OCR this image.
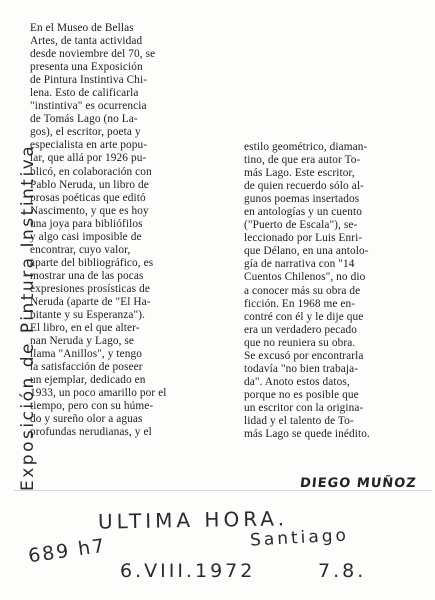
En el Museo de Bellas
Artes, de tanta actividad
desde noviembre del 70, se
presenta una Exposición
de Pintura Instintiva Chi-
lena. Esto de calificarla
"instintiva" es ocurrencia
de Tomás Lago (no La-
gos), el escritor, poeta y
especialista en arte popu-
lar, que allá por 1926 pu-
blicó, en colaboración con
Pablo Neruda, un libro de
prosas poéticas que editó
Nascimento, y que es hoy
una joya para bibliófilos
y algo casi imposible de
encontrar, cuyo valor,
aparte del bibliográfico, es
mostrar una de las pocas
expresiones prosísticas de
Neruda (aparte de "El Ha-
bitante y su Esperanza").
El libro, en el que alter-
nan Neruda y Lago, se
llama "Anillos", y tengo
la satisfacción de poseer
un ejemplar, dedicado en
1933, un poco amarillo por el
tiempo, pero con su húme-
do y sureño olor a aguas
profundas nerudianas, y el
estilo geométrico, diaman-
tino, de que era autor To-
más Lago. Este escritor,
de quien recuerdo sólo al-
gunos poemas insertados
en antologías y un cuento
("Puerto de Escala"), se-
leccionado por Luis Enri-
que Délano, en una antolo-
gía de narrativa con "14
Cuentos Chilenos", no dio
a conocer más su obra de
ficción. En 1968 me en-
contré con él y le dije que
era un verdadero pecado
que no reuniera su obra.
Se excusó por encontrarla
todavía "no bien trabaja-
da". Anoto estos datos,
porque no es posible que
un escritor con la origina-
lidad y el talento de To-
más Lago se quede inédito.
DIEGO MUÑOZ
Exposición de Pintura Instintiva
ULTIMA HORA.
Santiago
689 h7
6.VIII.1972	7.8.
